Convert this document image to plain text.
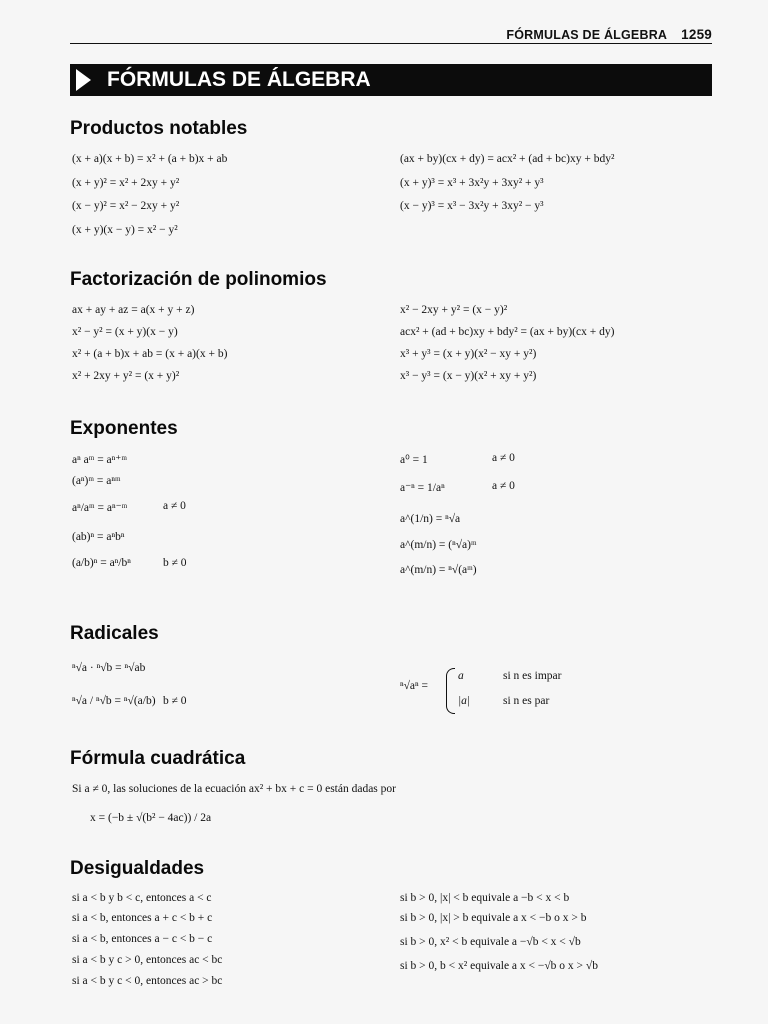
FÓRMULAS DE ÁLGEBRA 1259
FÓRMULAS DE ÁLGEBRA
Productos notables
(x + a)(x + b) = x² + (a + b)x + ab
(x + y)² = x² + 2xy + y²
(x − y)² = x² − 2xy + y²
(x + y)(x − y) = x² − y²
(ax + by)(cx + dy) = acx² + (ad + bc)xy + bdy²
(x + y)³ = x³ + 3x²y + 3xy² + y³
(x − y)³ = x³ − 3x²y + 3xy² − y³
Factorización de polinomios
ax + ay + az = a(x + y + z)
x² − y² = (x + y)(x − y)
x² + (a + b)x + ab = (x + a)(x + b)
x² + 2xy + y² = (x + y)²
x² − 2xy + y² = (x − y)²
acx² + (ad + bc)xy + bdy² = (ax + by)(cx + dy)
x³ + y³ = (x + y)(x² − xy + y²)
x³ − y³ = (x − y)(x² + xy + y²)
Exponentes
aⁿ aᵐ = aⁿ⁺ᵐ
(aⁿ)ᵐ = aⁿᵐ
aⁿ/aᵐ = aⁿ⁻ᵐ	a ≠ 0
(ab)ⁿ = aⁿbⁿ
(a/b)ⁿ = aⁿ/bⁿ	b ≠ 0
a⁰ = 1	a ≠ 0
a⁻ⁿ = 1/aⁿ	a ≠ 0
a^(1/n) = ⁿ√a
a^(m/n) = (ⁿ√a)ᵐ
a^(m/n) = ⁿ√(aᵐ)
Radicales
ⁿ√a · ⁿ√b = ⁿ√ab
ⁿ√a / ⁿ√b = ⁿ√(a/b) b ≠ 0
ⁿ√aⁿ =
a	si n es impar
|a|	si n es par
Fórmula cuadrática
Si a ≠ 0, las soluciones de la ecuación ax² + bx + c = 0 están dadas por
x = (−b ± √(b² − 4ac)) / 2a
Desigualdades
si a < b y b < c, entonces a < c
si a < b, entonces a + c < b + c
si a < b, entonces a − c < b − c
si a < b y c > 0, entonces ac < bc
si a < b y c < 0, entonces ac > bc
si b > 0, |x| < b equivale a −b < x < b
si b > 0, |x| > b equivale a x < −b o x > b
si b > 0, x² < b equivale a −√b < x < √b
si b > 0, b < x² equivale a x < −√b o x > √b
